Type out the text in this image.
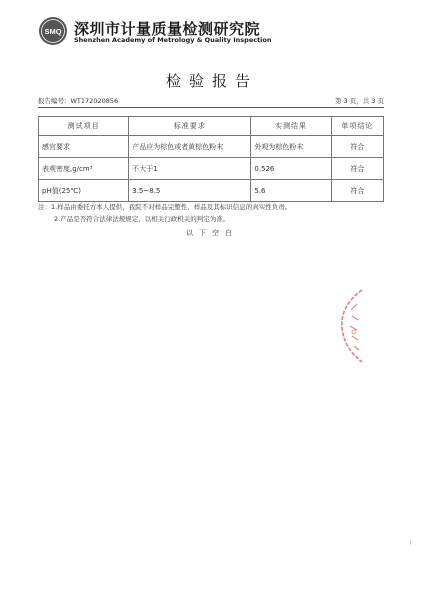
SMQ 深圳市计量质量检测研究院
Shenzhen Academy of Metrology & Quality Inspection
检验报告
报告编号：WT172020856	第 3 页，共 3 页
测试项目	标准要求	实测结果	单项结论
感官要求	产品应为棕色或者黄棕色粉末	外观为棕色粉末	符合
表观密度,g/cm³	不大于1	0.526	符合
pH值(25℃)	3.5~8.5	5.6	符合
注：1.样品由委托方本人提供，我院不对样品完整性、样品及其标识信息的真实性负责。
2.产品是否符合法律法规规定，以相关行政机关的判定为准。
以下空白
‖
